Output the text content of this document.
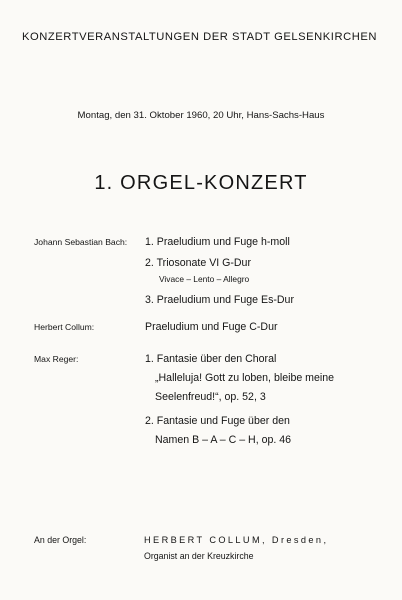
KONZERTVERANSTALTUNGEN DER STADT GELSENKIRCHEN
Montag, den 31. Oktober 1960, 20 Uhr, Hans-Sachs-Haus
1. ORGEL-KONZERT
Johann Sebastian Bach: 1. Praeludium und Fuge h-moll
2. Triosonate VI G-Dur
Vivace – Lento – Allegro
3. Praeludium und Fuge Es-Dur
Herbert Collum:	Praeludium und Fuge C-Dur
Max Reger:	1. Fantasie über den Choral
„Halleluja! Gott zu loben, bleibe meine
Seelenfreud!“, op. 52, 3
2. Fantasie und Fuge über den
Namen B – A – C – H, op. 46
An der Orgel:	HERBERT COLLUM, Dresden,
Organist an der Kreuzkirche
